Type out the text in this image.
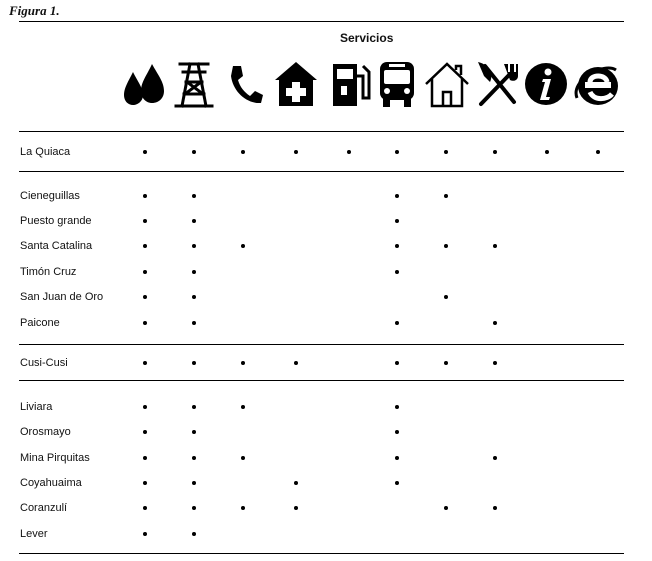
Figura 1.
Servicios
La Quiaca
Cieneguillas
Puesto grande
Santa Catalina
Timón Cruz
San Juan de Oro
Paicone
Cusi-Cusi
Liviara
Orosmayo
Mina Pirquitas
Coyahuaima
Coranzulí
Lever
